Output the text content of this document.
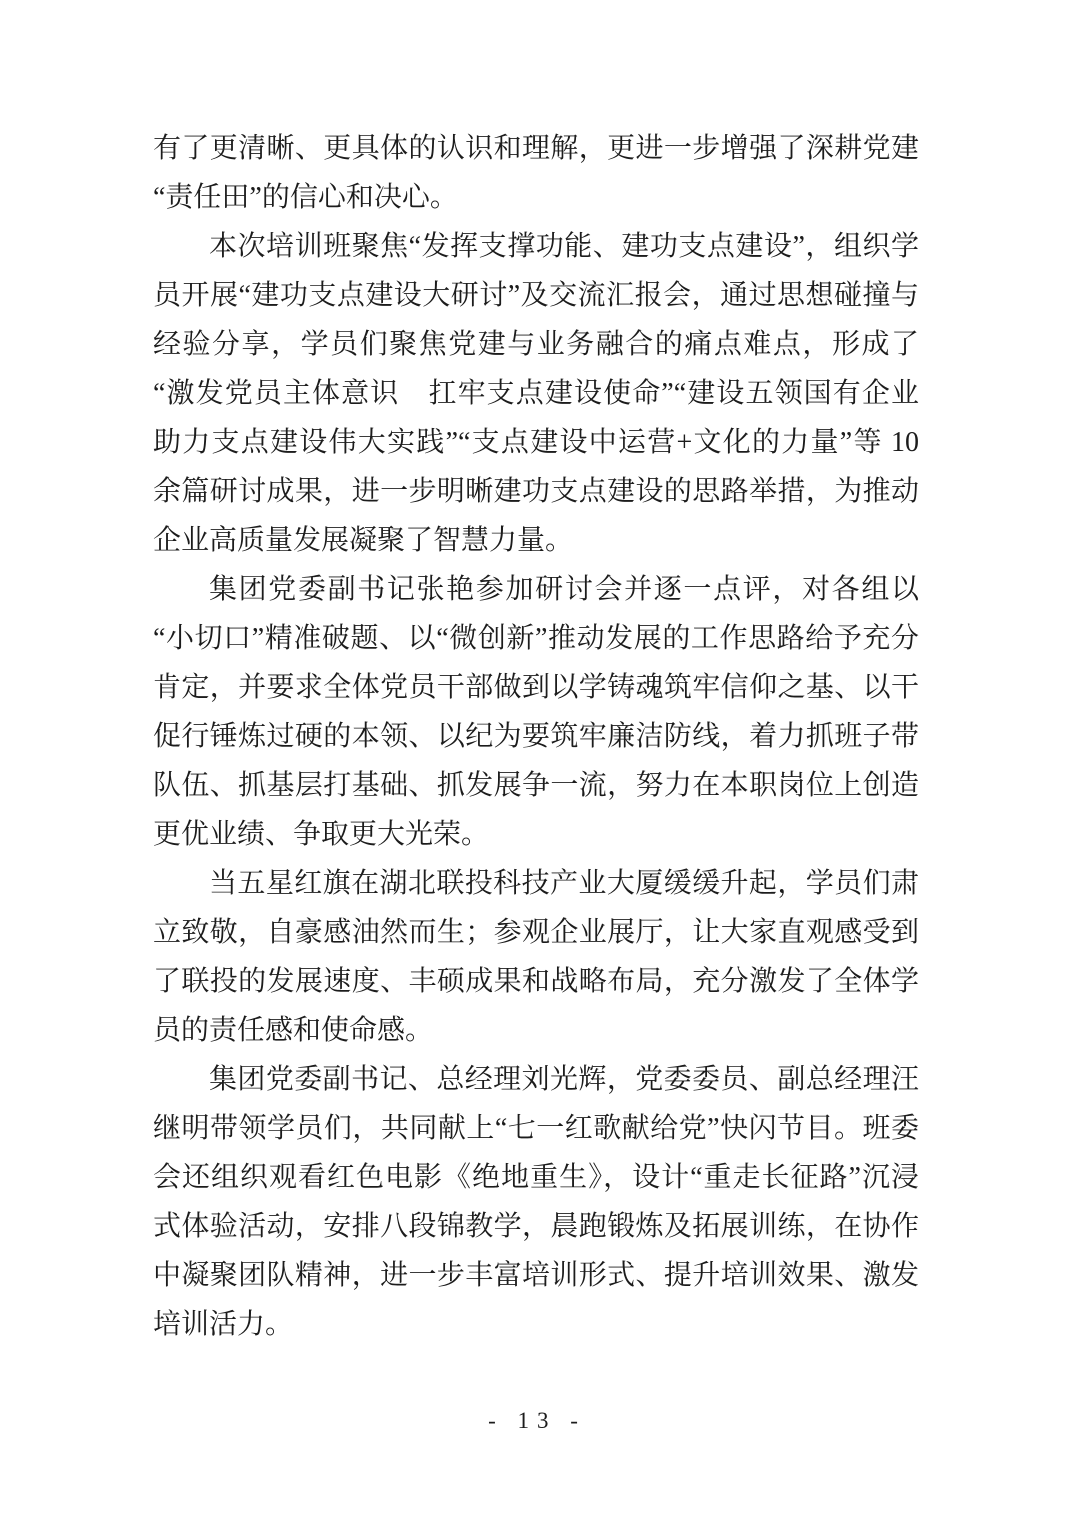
有了更清晰、更具体的认识和理解，更进一步增强了深耕党建“责任田”的信心和决心。

本次培训班聚焦“发挥支撑功能、建功支点建设”，组织学员开展“建功支点建设大研讨”及交流汇报会，通过思想碰撞与经验分享，学员们聚焦党建与业务融合的痛点难点，形成了“激发党员主体意识　扛牢支点建设使命”“建设五领国有企业　助力支点建设伟大实践”“支点建设中运营+文化的力量”等 10 余篇研讨成果，进一步明晰建功支点建设的思路举措，为推动企业高质量发展凝聚了智慧力量。

集团党委副书记张艳参加研讨会并逐一点评，对各组以“小切口”精准破题、以“微创新”推动发展的工作思路给予充分肯定，并要求全体党员干部做到以学铸魂筑牢信仰之基、以干促行锤炼过硬的本领、以纪为要筑牢廉洁防线，着力抓班子带队伍、抓基层打基础、抓发展争一流，努力在本职岗位上创造更优业绩、争取更大光荣。

当五星红旗在湖北联投科技产业大厦缓缓升起，学员们肃立致敬，自豪感油然而生；参观企业展厅，让大家直观感受到了联投的发展速度、丰硕成果和战略布局，充分激发了全体学员的责任感和使命感。

集团党委副书记、总经理刘光辉，党委委员、副总经理汪继明带领学员们，共同献上“七一红歌献给党”快闪节目。班委会还组织观看红色电影《绝地重生》，设计“重走长征路”沉浸式体验活动，安排八段锦教学，晨跑锻炼及拓展训练，在协作中凝聚团队精神，进一步丰富培训形式、提升培训效果、激发培训活力。

- 13 -
